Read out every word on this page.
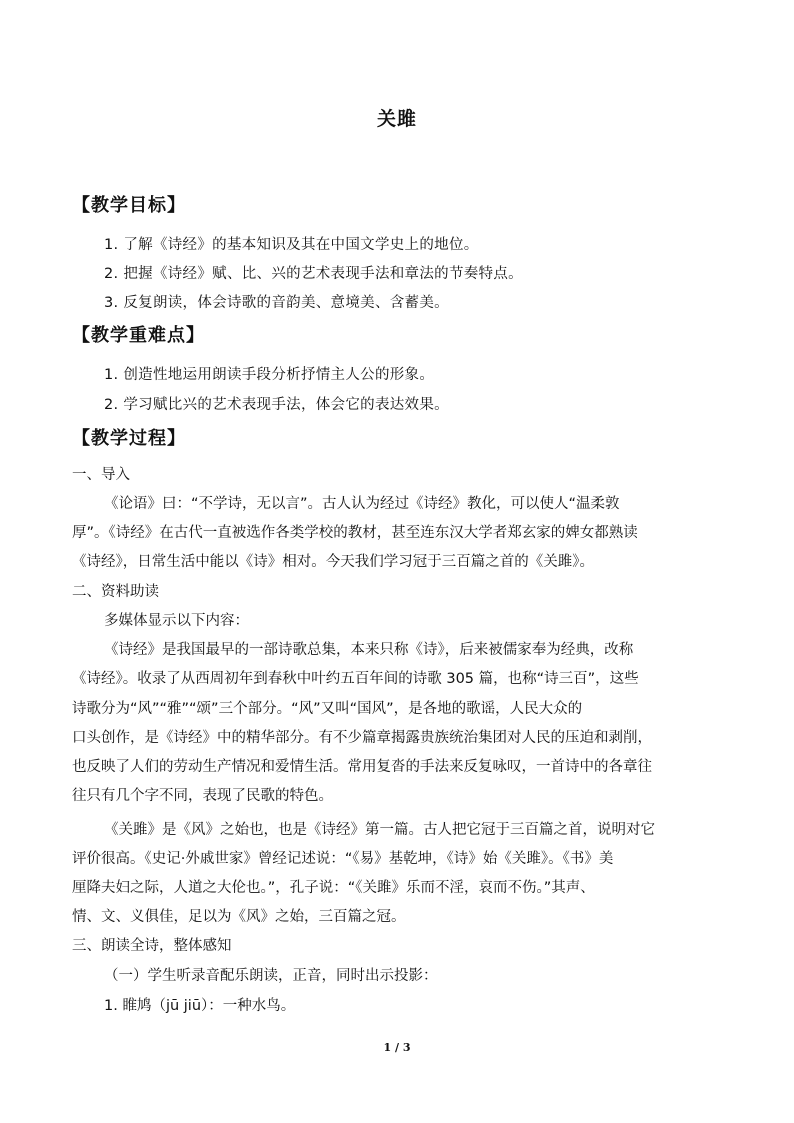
关雎
【教学目标】
1. 了解《诗经》的基本知识及其在中国文学史上的地位。
2. 把握《诗经》赋、比、兴的艺术表现手法和章法的节奏特点。
3. 反复朗读，体会诗歌的音韵美、意境美、含蓄美。
【教学重难点】
1. 创造性地运用朗读手段分析抒情主人公的形象。
2. 学习赋比兴的艺术表现手法，体会它的表达效果。
【教学过程】
一、导入
《论语》曰：“不学诗，无以言”。古人认为经过《诗经》教化，可以使人“温柔敦
厚”。《诗经》在古代一直被选作各类学校的教材，甚至连东汉大学者郑玄家的婢女都熟读
《诗经》，日常生活中能以《诗》相对。今天我们学习冠于三百篇之首的《关雎》。
二、资料助读
多媒体显示以下内容：
《诗经》是我国最早的一部诗歌总集，本来只称《诗》，后来被儒家奉为经典，改称
《诗经》。收录了从西周初年到春秋中叶约五百年间的诗歌 305 篇，也称“诗三百”，这些
诗歌分为“风”“雅”“颂”三个部分。“风”又叫“国风”，是各地的歌谣，人民大众的
口头创作，是《诗经》中的精华部分。有不少篇章揭露贵族统治集团对人民的压迫和剥削，
也反映了人们的劳动生产情况和爱情生活。常用复沓的手法来反复咏叹，一首诗中的各章往
往只有几个字不同，表现了民歌的特色。
《关雎》是《风》之始也，也是《诗经》第一篇。古人把它冠于三百篇之首，说明对它
评价很高。《史记·外戚世家》曾经记述说：“《易》基乾坤，《诗》始《关雎》。《书》美
厘降夫妇之际，人道之大伦也。”，孔子说：“《关雎》乐而不淫，哀而不伤。”其声、
情、文、义俱佳，足以为《风》之始，三百篇之冠。
三、朗读全诗，整体感知
（一）学生听录音配乐朗读，正音，同时出示投影：
1. 睢鸠（jū jiū）：一种水鸟。
1 / 3
